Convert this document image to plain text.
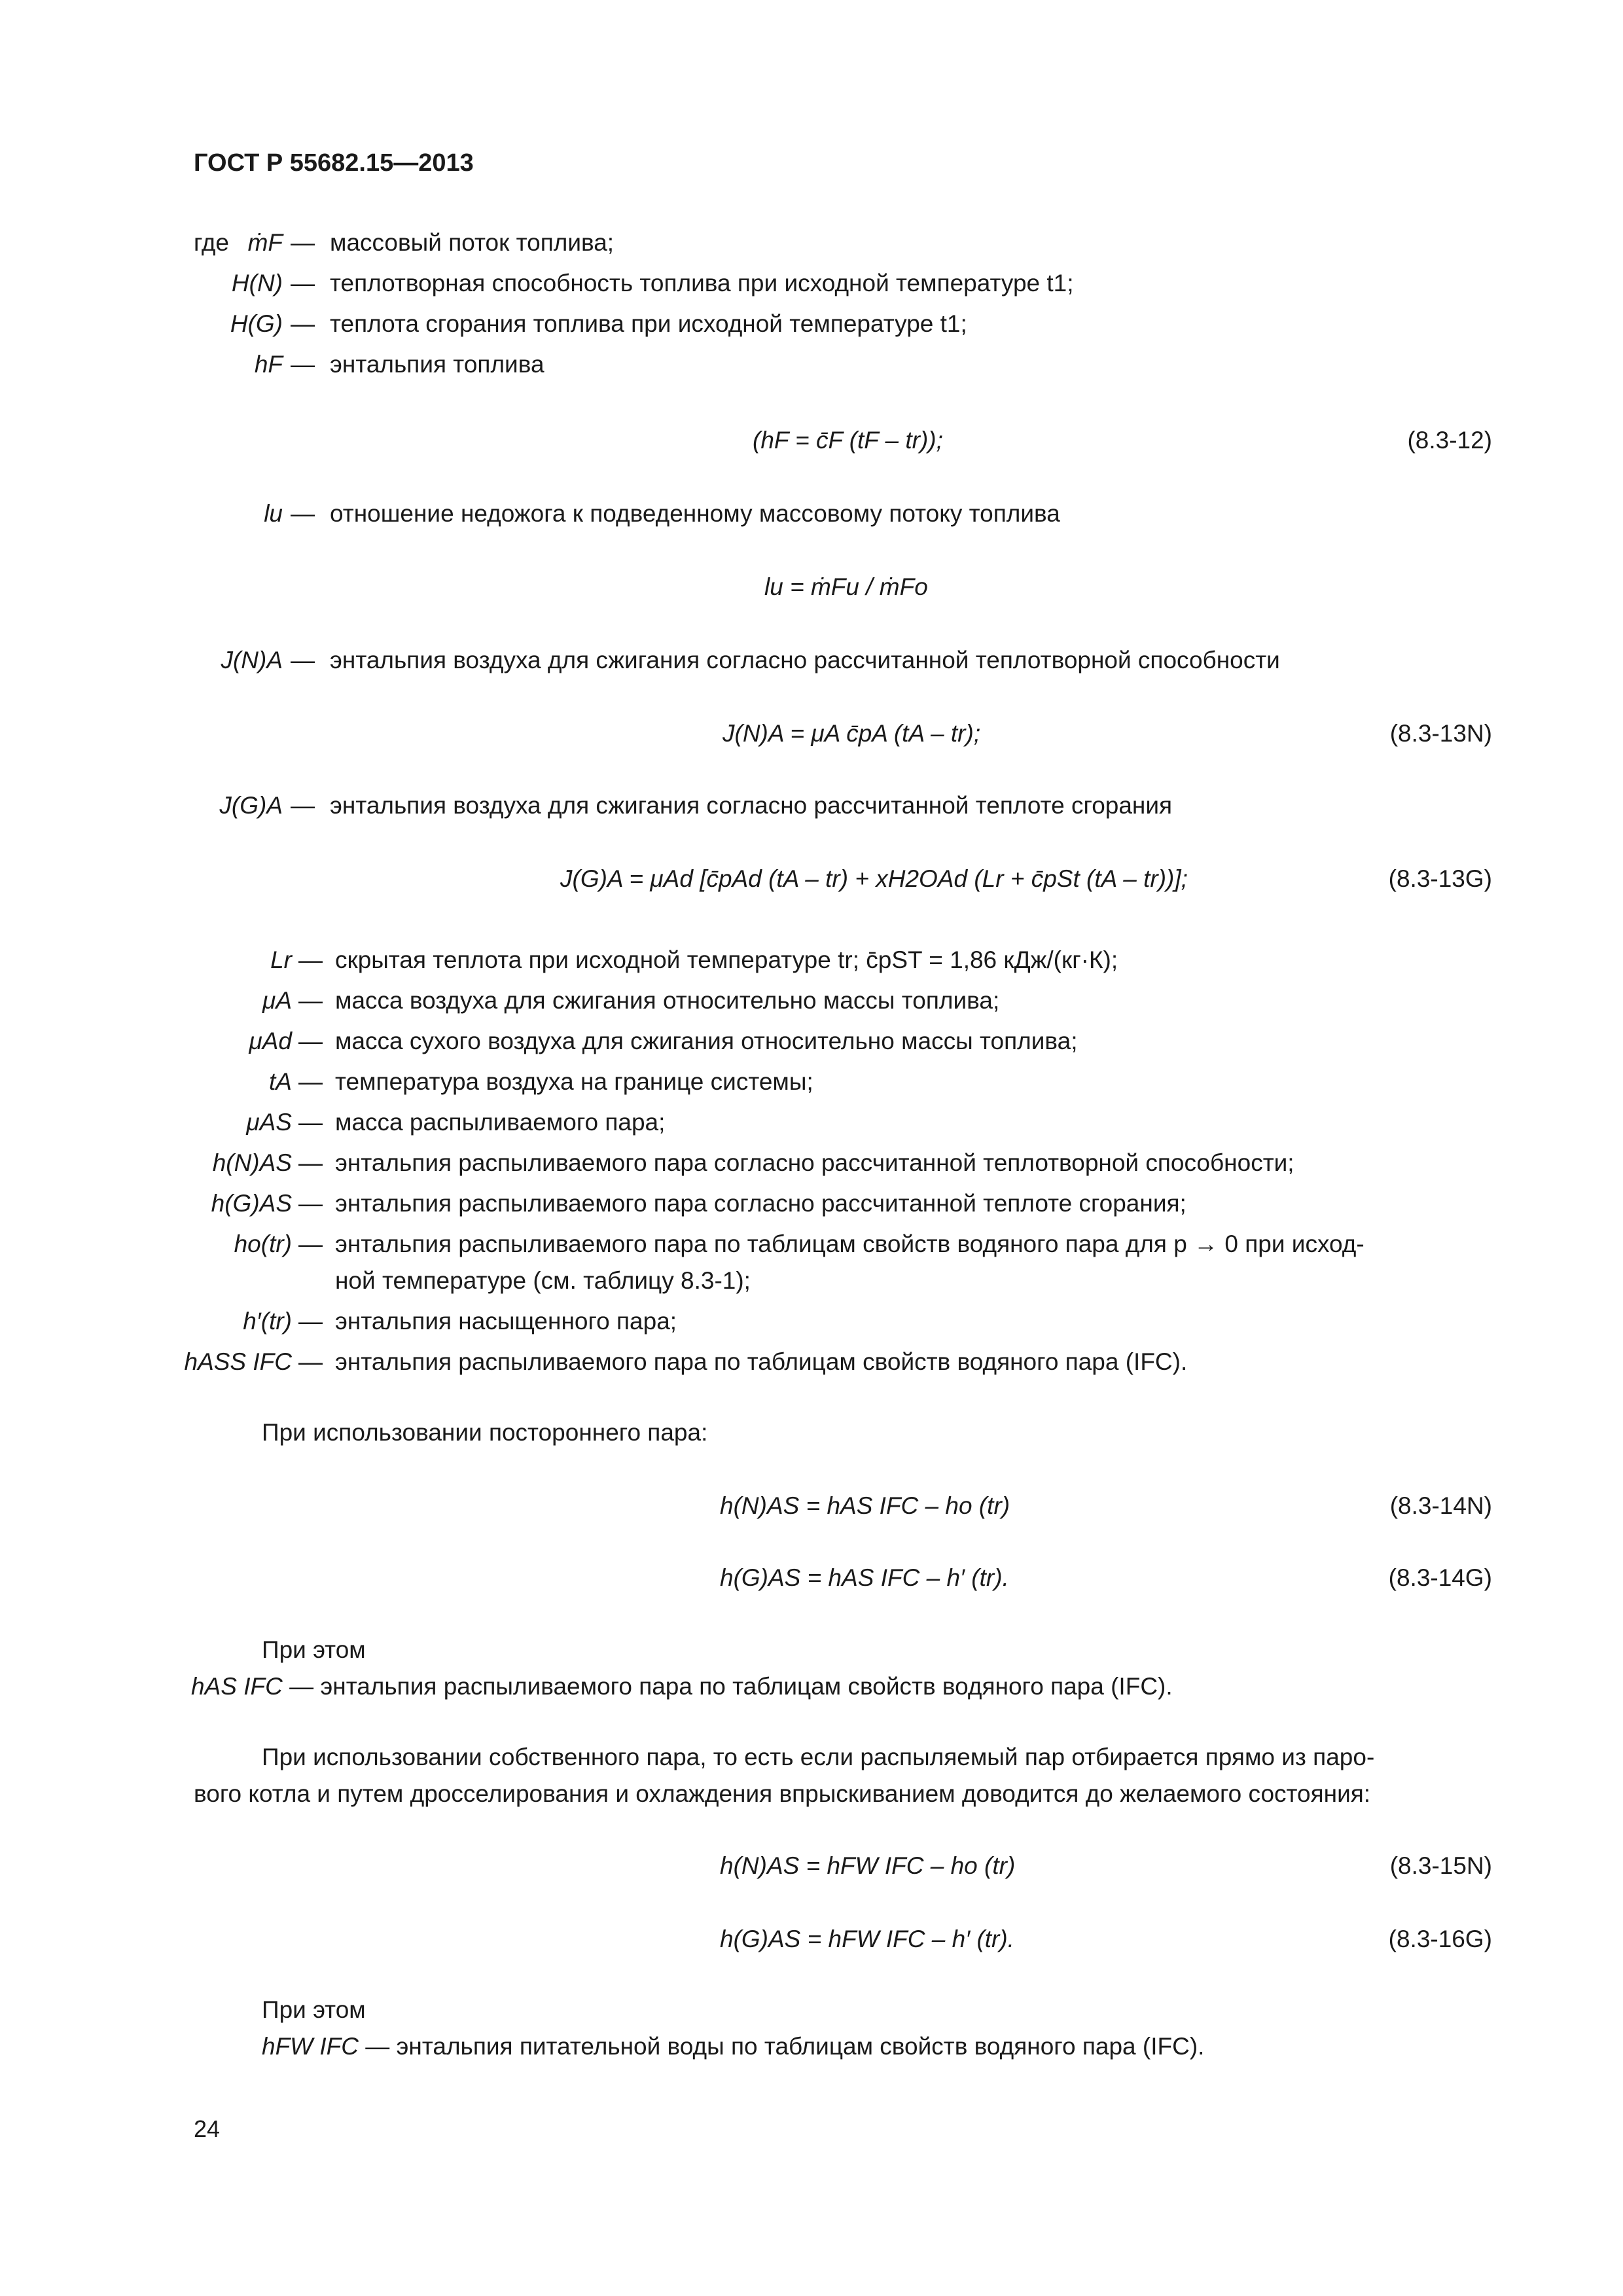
ГОСТ Р 55682.15—2013
где ṁF — массовый поток топлива;
H(N) — теплотворная способность топлива при исходной температуре t1;
H(G) — теплота сгорания топлива при исходной температуре t1;
hF — энтальпия топлива
(hF = c̄F (tF – tr));	(8.3-12)
lu — отношение недожога к подведенному массовому потоку топлива
lu = ṁFu / ṁFo
J(N)A — энтальпия воздуха для сжигания согласно рассчитанной теплотворной способности
J(N)A = μA c̄pA (tA – tr);	(8.3-13N)
J(G)A — энтальпия воздуха для сжигания согласно рассчитанной теплоте сгорания
J(G)A = μAd [c̄pAd (tA – tr) + xH2OAd (Lr + c̄pSt (tA – tr))];	(8.3-13G)
Lr — скрытая теплота при исходной температуре tr; c̄pST = 1,86 кДж/(кг·К);
μA — масса воздуха для сжигания относительно массы топлива;
μAd — масса сухого воздуха для сжигания относительно массы топлива;
tA — температура воздуха на границе системы;
μAS — масса распыливаемого пара;
h(N)AS — энтальпия распыливаемого пара согласно рассчитанной теплотворной способности;
h(G)AS — энтальпия распыливаемого пара согласно рассчитанной теплоте сгорания;
ho(tr) — энтальпия распыливаемого пара по таблицам свойств водяного пара для p → 0 при исход-
ной температуре (см. таблицу 8.3-1);
h′(tr) — энтальпия насыщенного пара;
hASS IFC — энтальпия распыливаемого пара по таблицам свойств водяного пара (IFC).
При использовании постороннего пара:
h(N)AS = hAS IFC – ho (tr)	(8.3-14N)
h(G)AS = hAS IFC – h′ (tr).	(8.3-14G)
При этом
hAS IFC — энтальпия распыливаемого пара по таблицам свойств водяного пара (IFC).
При использовании собственного пара, то есть если распыляемый пар отбирается прямо из паро-
вого котла и путем дросселирования и охлаждения впрыскиванием доводится до желаемого состояния:
h(N)AS = hFW IFC – ho (tr)	(8.3-15N)
h(G)AS = hFW IFC – h′ (tr).	(8.3-16G)
При этом
hFW IFC — энтальпия питательной воды по таблицам свойств водяного пара (IFC).
24
